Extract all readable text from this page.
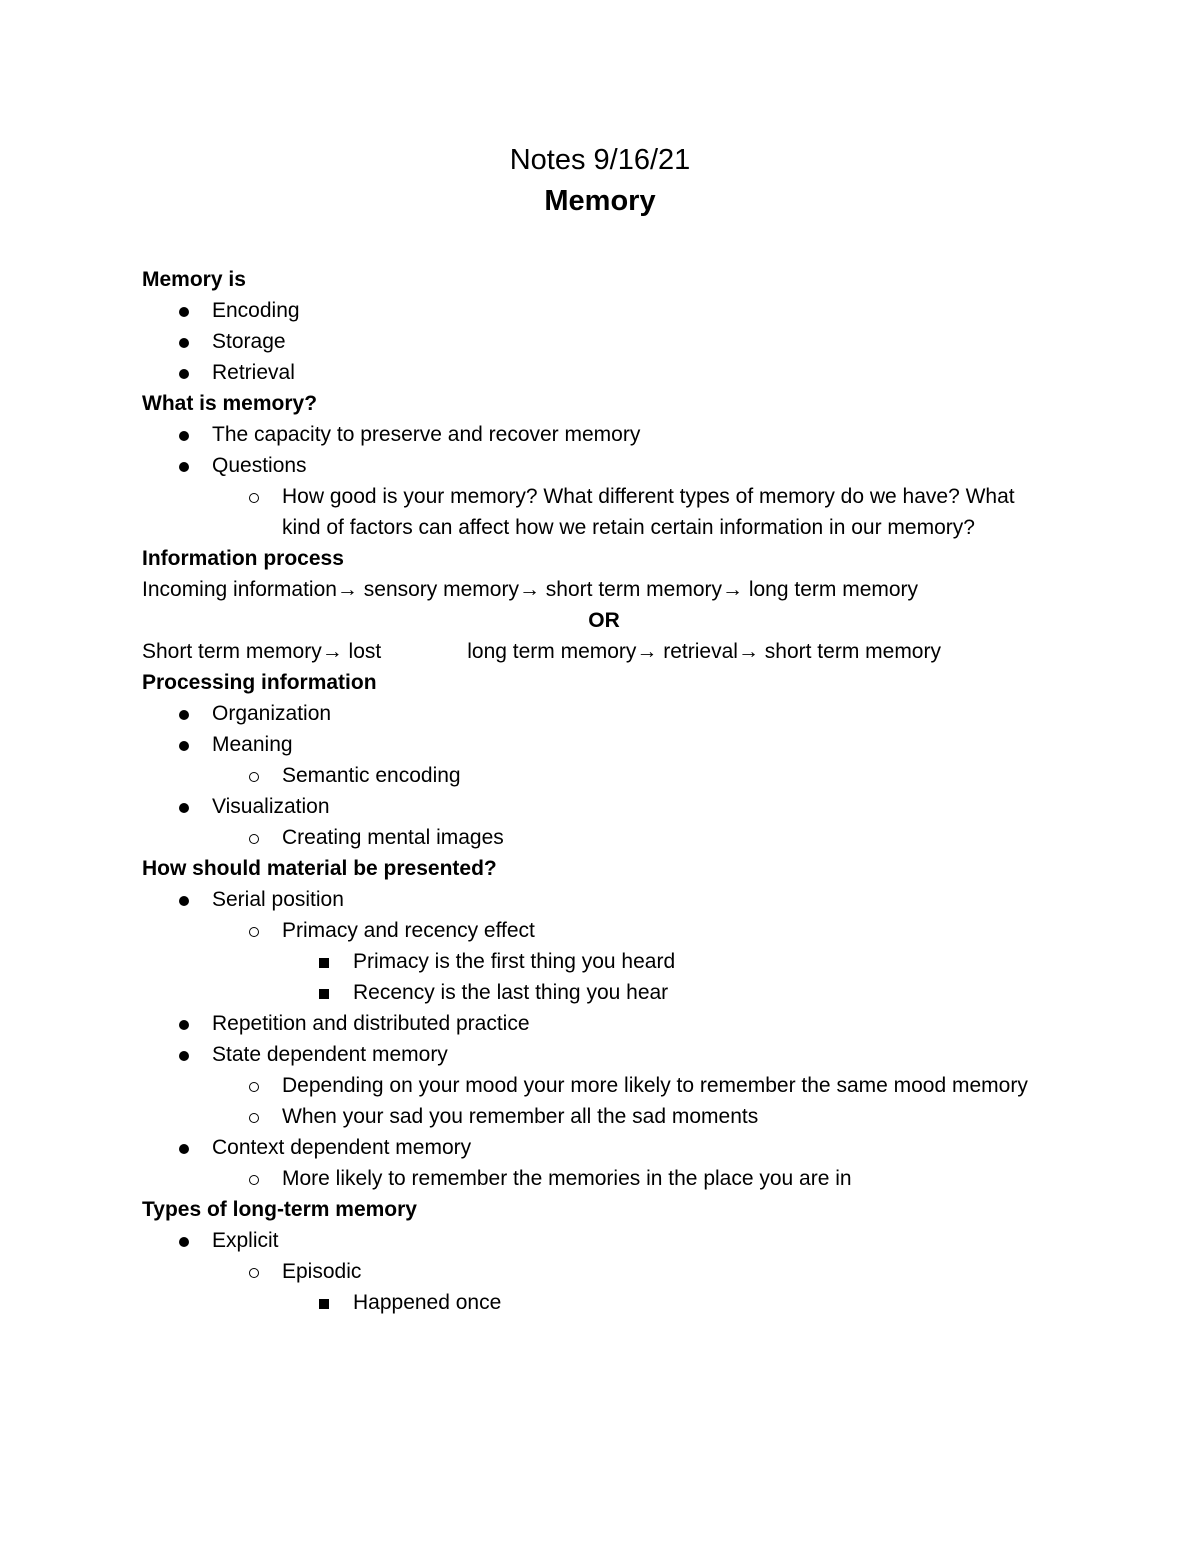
Notes 9/16/21
Memory

Memory is

Encoding
Storage
Retrieval

What is memory?

The capacity to preserve and recover memory
Questions
How good is your memory? What different types of memory do we have? What kind of factors can affect how we retain certain information in our memory?

Information process

Incoming information→ sensory memory→ short term memory→ long term memory

OR

Short term memory→ lost	long term memory→ retrieval→ short term memory

Processing information

Organization
Meaning
Semantic encoding
Visualization
Creating mental images

How should material be presented?

Serial position
Primacy and recency effect
Primacy is the first thing you heard
Recency is the last thing you hear
Repetition and distributed practice
State dependent memory
Depending on your mood your more likely to remember the same mood memory
When your sad you remember all the sad moments
Context dependent memory
More likely to remember the memories in the place you are in

Types of long-term memory

Explicit
Episodic
Happened once
